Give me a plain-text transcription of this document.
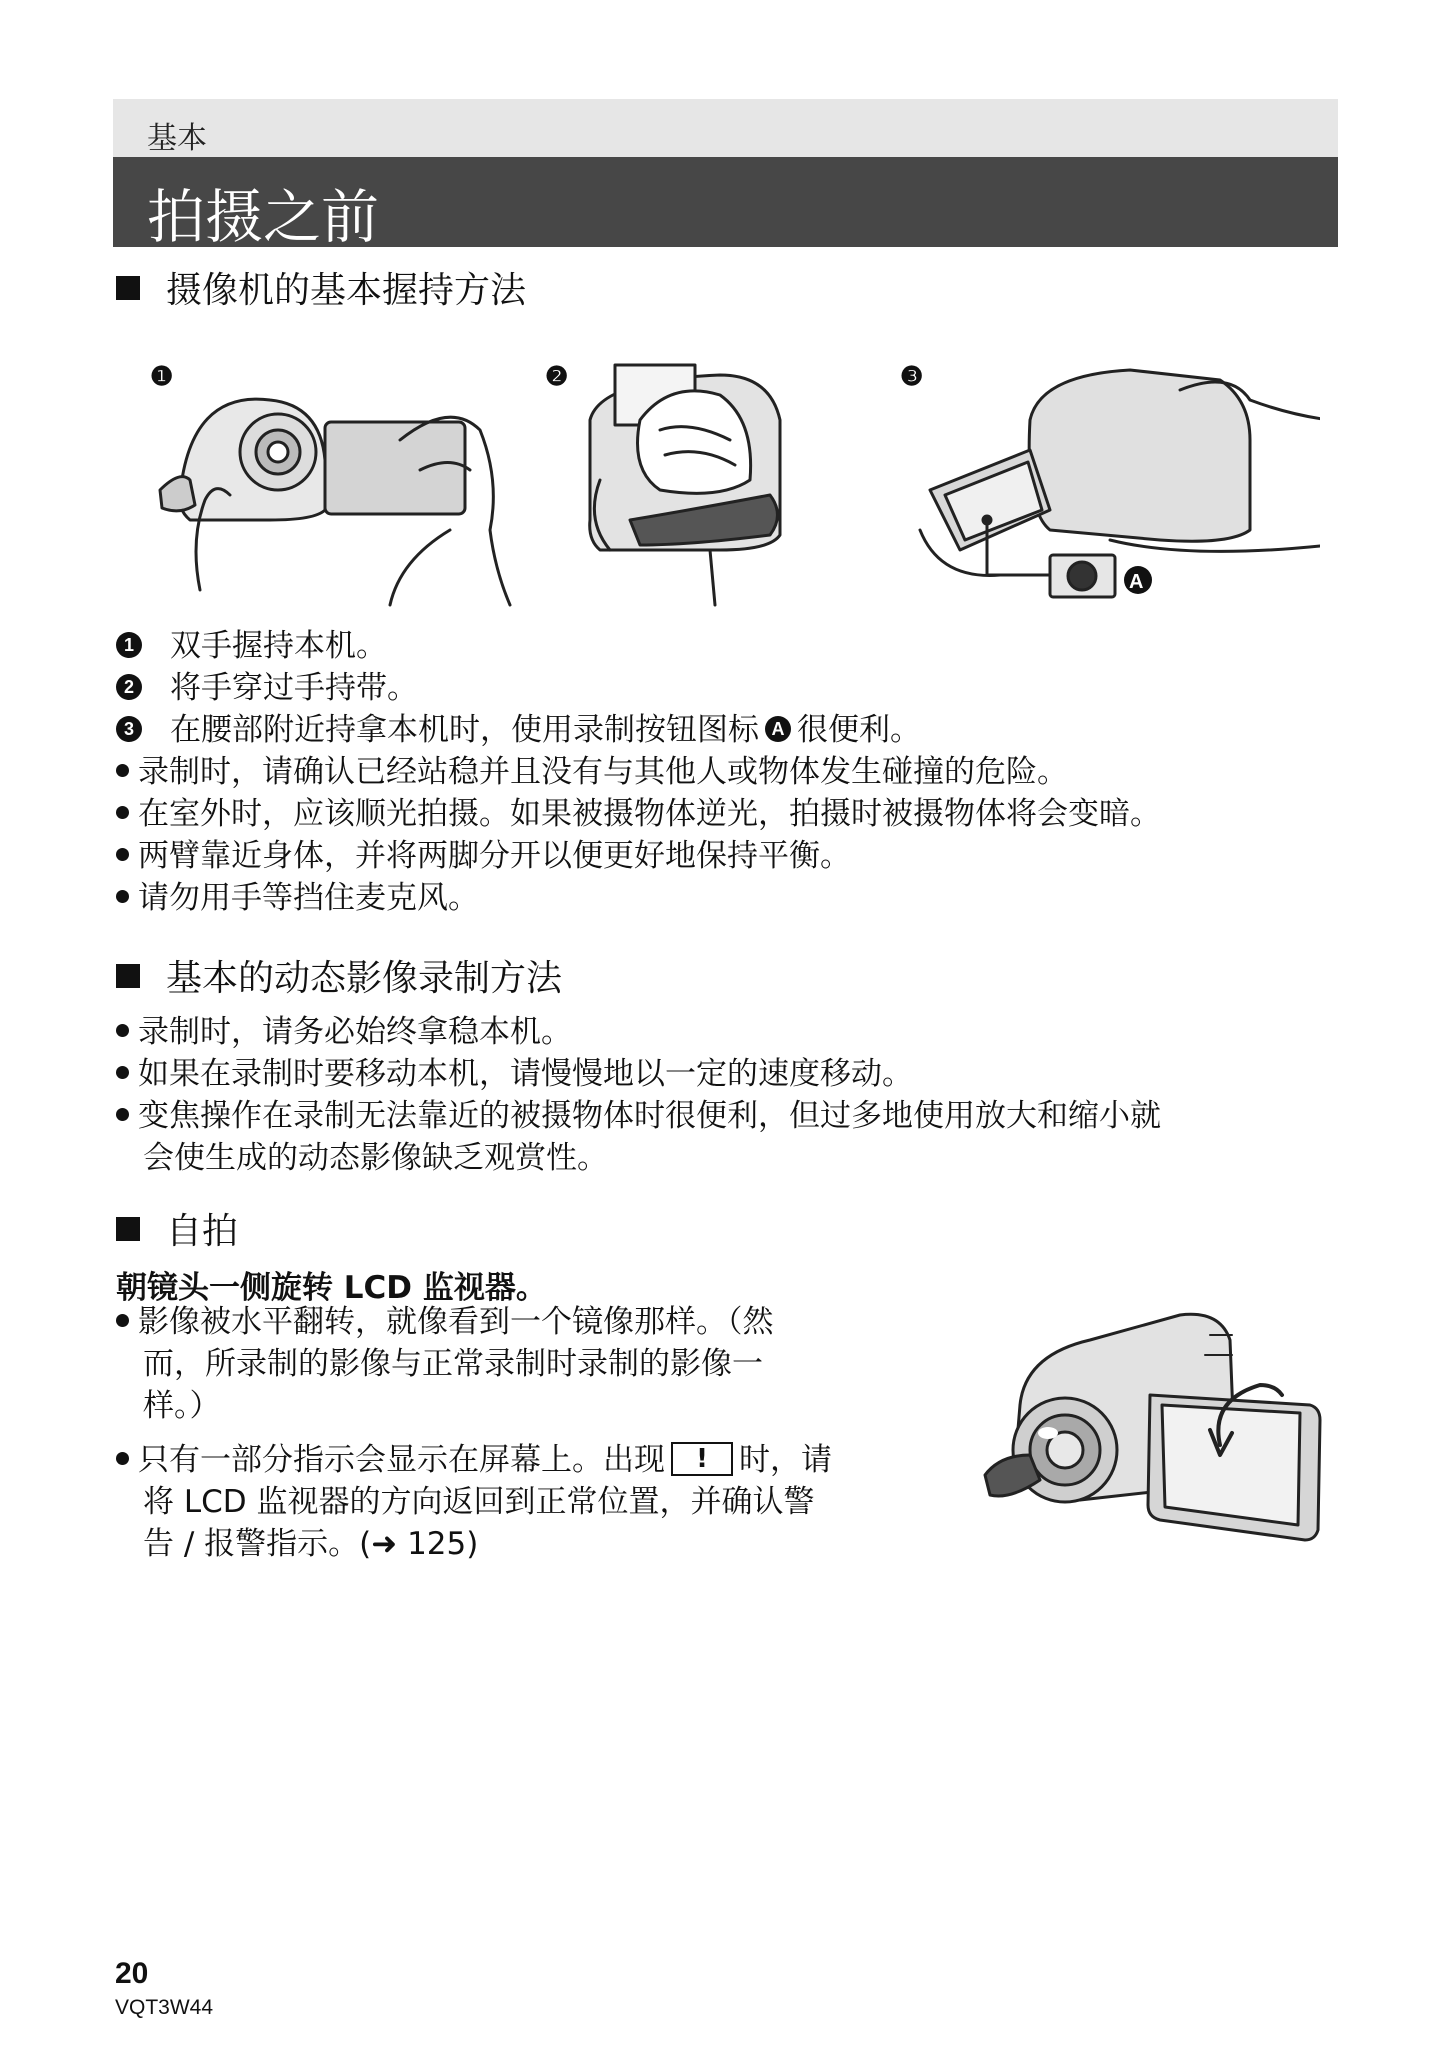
基本
拍摄之前
摄像机的基本握持方法
❶	❷	❸
A
1 双手握持本机。
2 将手穿过手持带。
3 在腰部附近持拿本机时，使用录制按钮图标 A 很便利。
录制时，请确认已经站稳并且没有与其他人或物体发生碰撞的危险。
在室外时，应该顺光拍摄。如果被摄物体逆光，拍摄时被摄物体将会变暗。
两臂靠近身体，并将两脚分开以便更好地保持平衡。
请勿用手等挡住麦克风。
基本的动态影像录制方法
录制时，请务必始终拿稳本机。
如果在录制时要移动本机，请慢慢地以一定的速度移动。
变焦操作在录制无法靠近的被摄物体时很便利，但过多地使用放大和缩小就
会使生成的动态影像缺乏观赏性。
自拍
朝镜头一侧旋转 LCD 监视器。
影像被水平翻转，就像看到一个镜像那样。（然
而，所录制的影像与正常录制时录制的影像一
样。）
只有一部分指示会显示在屏幕上。出现 ! 时，请
将 LCD 监视器的方向返回到正常位置，并确认警
告 / 报警指示。(➜ 125)
20
VQT3W44
